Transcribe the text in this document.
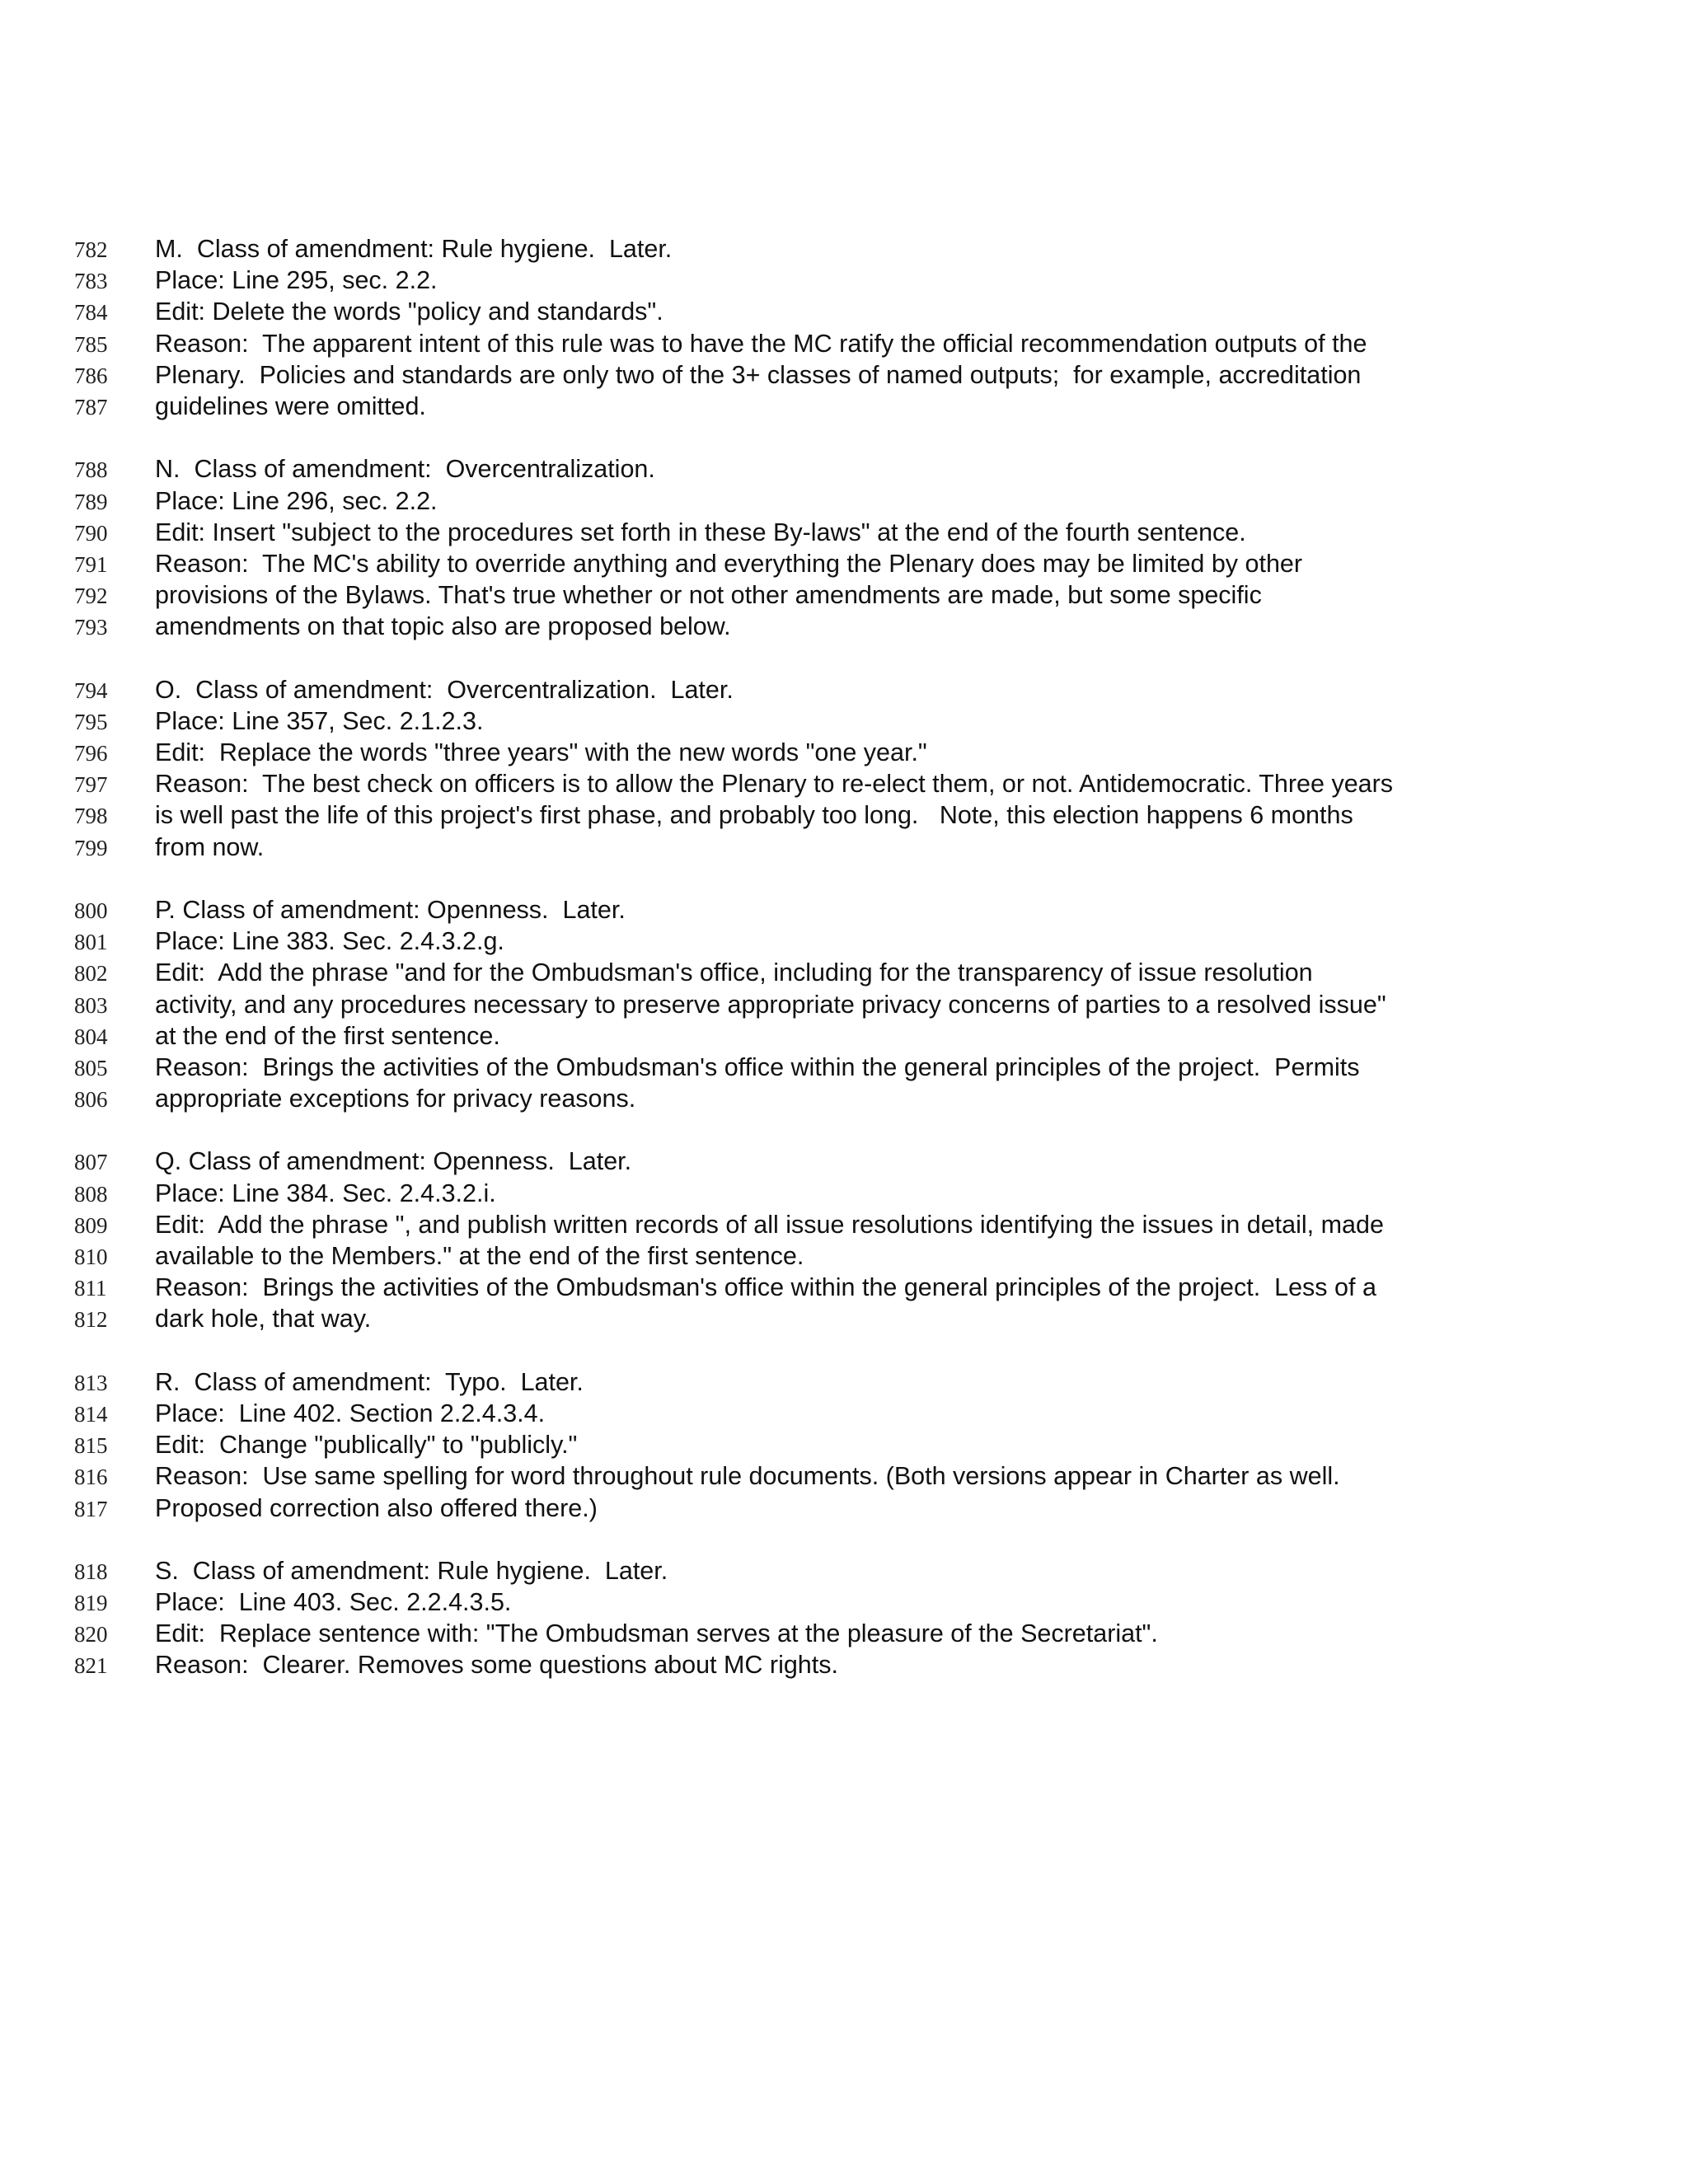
782	M.  Class of amendment: Rule hygiene.  Later.
783	Place: Line 295, sec. 2.2.
784	Edit: Delete the words "policy and standards".
785	Reason:  The apparent intent of this rule was to have the MC ratify the official recommendation outputs of the
786	Plenary.  Policies and standards are only two of the 3+ classes of named outputs;  for example, accreditation
787	guidelines were omitted.
788	N.  Class of amendment:  Overcentralization.
789	Place: Line 296, sec. 2.2.
790	Edit: Insert "subject to the procedures set forth in these By-laws" at the end of the fourth sentence.
791	Reason:  The MC's ability to override anything and everything the Plenary does may be limited by other
792	provisions of the Bylaws. That's true whether or not other amendments are made, but some specific
793	amendments on that topic also are proposed below.
794	O.  Class of amendment:  Overcentralization.  Later.
795	Place: Line 357, Sec. 2.1.2.3.
796	Edit:  Replace the words "three years" with the new words "one year."
797	Reason:  The best check on officers is to allow the Plenary to re-elect them, or not. Antidemocratic. Three years
798	is well past the life of this project's first phase, and probably too long.   Note, this election happens 6 months
799	from now.
800	P. Class of amendment: Openness.  Later.
801	Place: Line 383. Sec. 2.4.3.2.g.
802	Edit:  Add the phrase "and for the Ombudsman's office, including for the transparency of issue resolution
803	activity, and any procedures necessary to preserve appropriate privacy concerns of parties to a resolved issue"
804	at the end of the first sentence.
805	Reason:  Brings the activities of the Ombudsman's office within the general principles of the project.  Permits
806	appropriate exceptions for privacy reasons.
807	Q. Class of amendment: Openness.  Later.
808	Place: Line 384. Sec. 2.4.3.2.i.
809	Edit:  Add the phrase ", and publish written records of all issue resolutions identifying the issues in detail, made
810	available to the Members." at the end of the first sentence.
811	Reason:  Brings the activities of the Ombudsman's office within the general principles of the project.  Less of a
812	dark hole, that way.
813	R.  Class of amendment:  Typo.  Later.
814	Place:  Line 402. Section 2.2.4.3.4.
815	Edit:  Change "publically" to "publicly."
816	Reason:  Use same spelling for word throughout rule documents. (Both versions appear in Charter as well.
817	Proposed correction also offered there.)
818	S.  Class of amendment: Rule hygiene.  Later.
819	Place:  Line 403. Sec. 2.2.4.3.5.
820	Edit:  Replace sentence with: "The Ombudsman serves at the pleasure of the Secretariat".
821	Reason:  Clearer. Removes some questions about MC rights.
